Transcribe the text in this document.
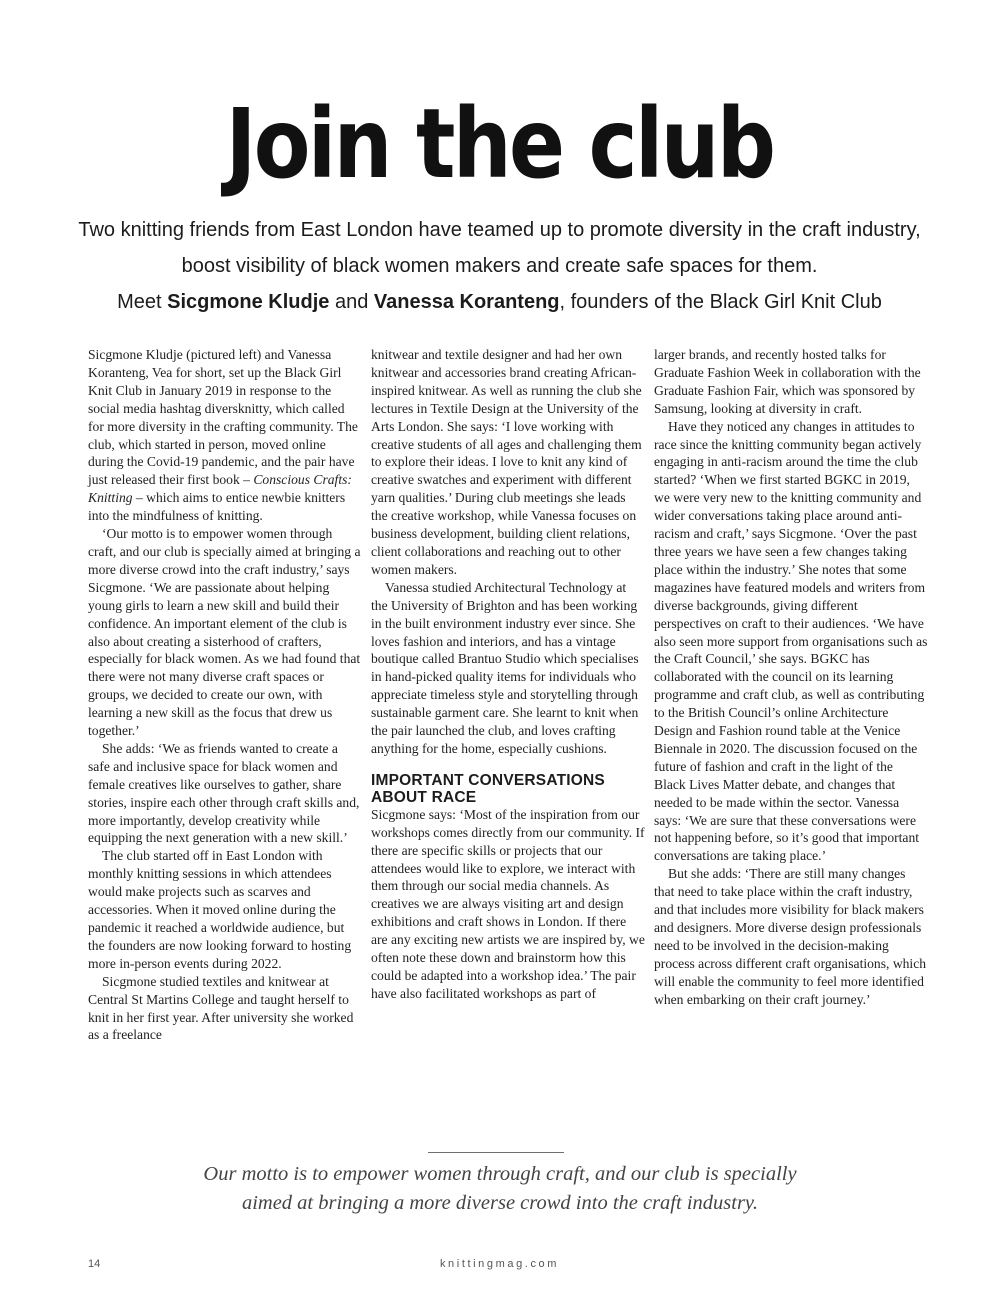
Join the club

Two knitting friends from East London have teamed up to promote diversity in the craft industry,

boost visibility of black women makers and create safe spaces for them.

Meet Sicgmone Kludje and Vanessa Koranteng, founders of the Black Girl Knit Club

Sicgmone Kludje (pictured left) and Vanessa Koranteng, Vea for short, set up the Black Girl Knit Club in January 2019 in response to the social media hashtag diversknitty, which called for more diversity in the crafting community. The club, which started in person, moved online during the Covid-19 pandemic, and the pair have just released their first book – Conscious Crafts: Knitting – which aims to entice newbie knitters into the mindfulness of knitting.

‘Our motto is to empower women through craft, and our club is specially aimed at bringing a more diverse crowd into the craft industry,’ says Sicgmone. ‘We are passionate about helping young girls to learn a new skill and build their confidence. An important element of the club is also about creating a sisterhood of crafters, especially for black women. As we had found that there were not many diverse craft spaces or groups, we decided to create our own, with learning a new skill as the focus that drew us together.’

She adds: ‘We as friends wanted to create a safe and inclusive space for black women and female creatives like ourselves to gather, share stories, inspire each other through craft skills and, more importantly, develop creativity while equipping the next generation with a new skill.’

The club started off in East London with monthly knitting sessions in which attendees would make projects such as scarves and accessories. When it moved online during the pandemic it reached a worldwide audience, but the founders are now looking forward to hosting more in-person events during 2022.

Sicgmone studied textiles and knitwear at Central St Martins College and taught herself to knit in her first year. After university she worked as a freelance

knitwear and textile designer and had her own knitwear and accessories brand creating African-inspired knitwear. As well as running the club she lectures in Textile Design at the University of the Arts London. She says: ‘I love working with creative students of all ages and challenging them to explore their ideas. I love to knit any kind of creative swatches and experiment with different yarn qualities.’ During club meetings she leads the creative workshop, while Vanessa focuses on business development, building client relations, client collaborations and reaching out to other women makers.

Vanessa studied Architectural Technology at the University of Brighton and has been working in the built environment industry ever since. She loves fashion and interiors, and has a vintage boutique called Brantuo Studio which specialises in hand-picked quality items for individuals who appreciate timeless style and storytelling through sustainable garment care. She learnt to knit when the pair launched the club, and loves crafting anything for the home, especially cushions.

IMPORTANT CONVERSATIONS ABOUT RACE

Sicgmone says: ‘Most of the inspiration from our workshops comes directly from our community. If there are specific skills or projects that our attendees would like to explore, we interact with them through our social media channels. As creatives we are always visiting art and design exhibitions and craft shows in London. If there are any exciting new artists we are inspired by, we often note these down and brainstorm how this could be adapted into a workshop idea.’ The pair have also facilitated workshops as part of

larger brands, and recently hosted talks for Graduate Fashion Week in collaboration with the Graduate Fashion Fair, which was sponsored by Samsung, looking at diversity in craft.

Have they noticed any changes in attitudes to race since the knitting community began actively engaging in anti-racism around the time the club started? ‘When we first started BGKC in 2019, we were very new to the knitting community and wider conversations taking place around anti-racism and craft,’ says Sicgmone. ‘Over the past three years we have seen a few changes taking place within the industry.’ She notes that some magazines have featured models and writers from diverse backgrounds, giving different perspectives on craft to their audiences. ‘We have also seen more support from organisations such as the Craft Council,’ she says. BGKC has collaborated with the council on its learning programme and craft club, as well as contributing to the British Council’s online Architecture Design and Fashion round table at the Venice Biennale in 2020. The discussion focused on the future of fashion and craft in the light of the Black Lives Matter debate, and changes that needed to be made within the sector. Vanessa says: ‘We are sure that these conversations were not happening before, so it’s good that important conversations are taking place.’

But she adds: ‘There are still many changes that need to take place within the craft industry, and that includes more visibility for black makers and designers. More diverse design professionals need to be involved in the decision-making process across different craft organisations, which will enable the community to feel more identified when embarking on their craft journey.’

Our motto is to empower women through craft, and our club is specially

aimed at bringing a more diverse crowd into the craft industry.

14	knittingmag.com
